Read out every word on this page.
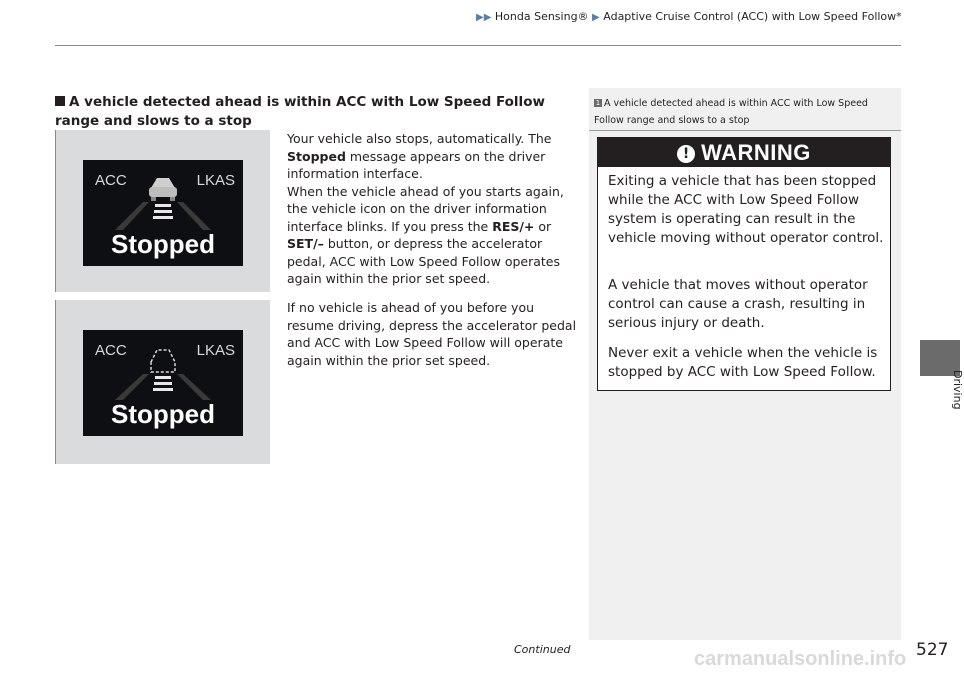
▶▶ Honda Sensing® ▶ Adaptive Cruise Control (ACC) with Low Speed Follow*
1 A vehicle detected ahead is within ACC with Low Speed Follow range and slows to a stop
! WARNING
Exiting a vehicle that has been stopped while the ACC with Low Speed Follow system is operating can result in the vehicle moving without operator control.
A vehicle that moves without operator control can cause a crash, resulting in serious injury or death.
Never exit a vehicle when the vehicle is stopped by ACC with Low Speed Follow.
A vehicle detected ahead is within ACC with Low Speed Follow range and slows to a stop
Your vehicle also stops, automatically. The Stopped message appears on the driver information interface.
When the vehicle ahead of you starts again, the vehicle icon on the driver information interface blinks. If you press the RES/+ or SET/– button, or depress the accelerator pedal, ACC with Low Speed Follow operates again within the prior set speed.
If no vehicle is ahead of you before you resume driving, depress the accelerator pedal and ACC with Low Speed Follow will operate again within the prior set speed.
ACC	LKAS
Stopped
ACC	LKAS
Stopped
Driving
Continued	527
carmanualsonline.info
